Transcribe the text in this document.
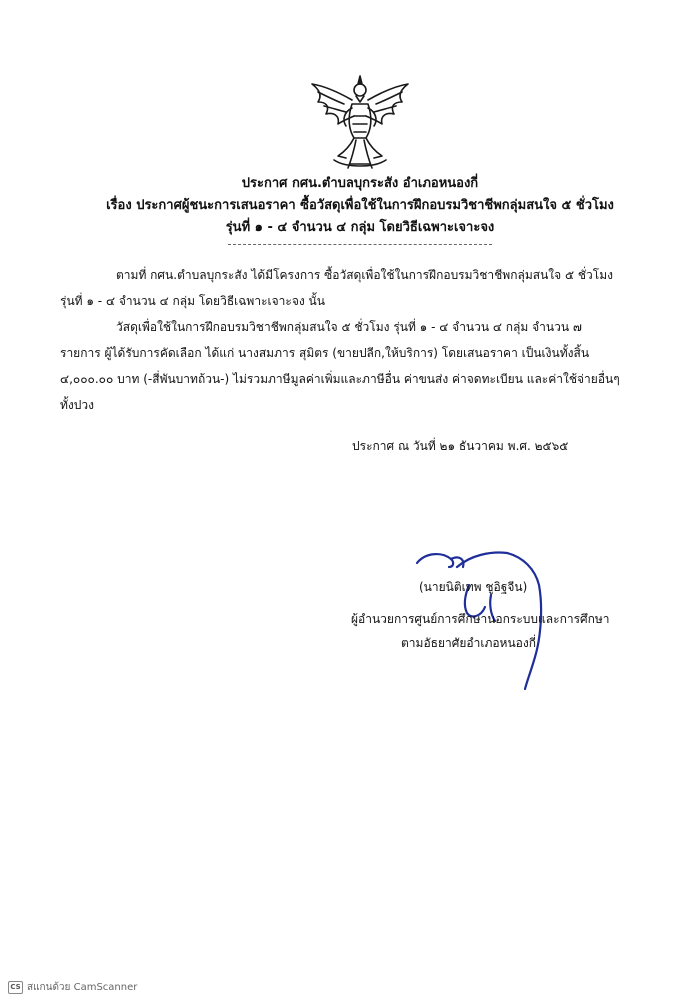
ประกาศ กศน.ตำบลบุกระสัง อำเภอหนองกี่
เรื่อง ประกาศผู้ชนะการเสนอราคา ซื้อวัสดุเพื่อใช้ในการฝึกอบรมวิชาชีพกลุ่มสนใจ ๕ ชั่วโมง
รุ่นที่ ๑ - ๔ จำนวน ๔ กลุ่ม โดยวิธีเฉพาะเจาะจง
ตามที่ กศน.ตำบลบุกระสัง ได้มีโครงการ ซื้อวัสดุเพื่อใช้ในการฝึกอบรมวิชาชีพกลุ่มสนใจ ๕ ชั่วโมง รุ่นที่ ๑ - ๔ จำนวน ๔ กลุ่ม โดยวิธีเฉพาะเจาะจง นั้น
วัสดุเพื่อใช้ในการฝึกอบรมวิชาชีพกลุ่มสนใจ ๕ ชั่วโมง รุ่นที่ ๑ - ๔ จำนวน ๔ กลุ่ม จำนวน ๗ รายการ ผู้ได้รับการคัดเลือก ได้แก่ นางสมภาร สุมิตร (ขายปลีก,ให้บริการ) โดยเสนอราคา เป็นเงินทั้งสิ้น ๔,๐๐๐.๐๐ บาท (-สี่พันบาทถ้วน-) ไม่รวมภาษีมูลค่าเพิ่มและภาษีอื่น ค่าขนส่ง ค่าจดทะเบียน และค่าใช้จ่ายอื่นๆ ทั้งปวง
ประกาศ ณ วันที่ ๒๑ ธันวาคม พ.ศ. ๒๕๖๕
(นายนิติเทพ ชูอิฐจีน)
ผู้อำนวยการศูนย์การศึกษานอกระบบและการศึกษา
ตามอัธยาศัยอำเภอหนองกี่
CS สแกนด้วย CamScanner
